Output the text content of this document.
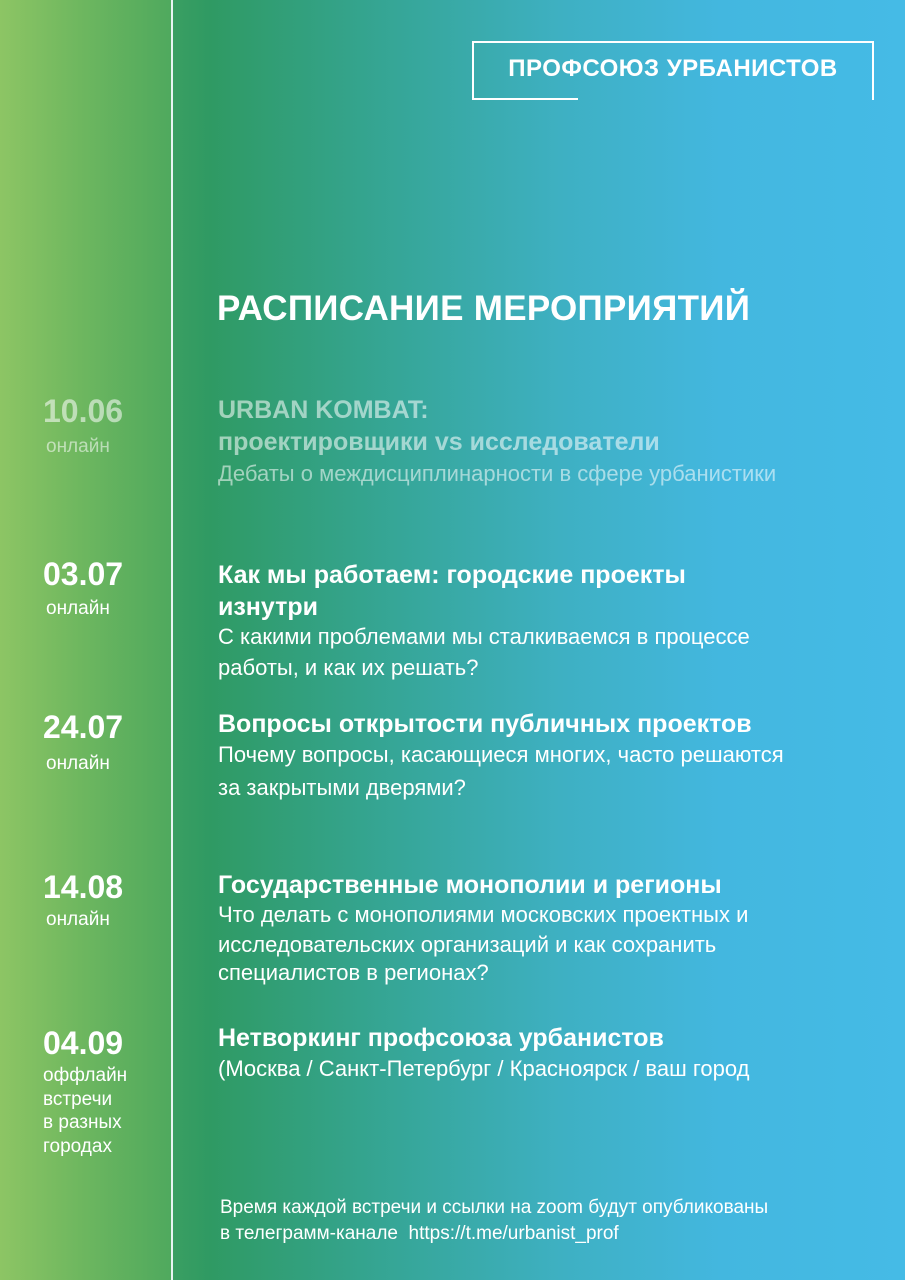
ПРОФСОЮЗ УРБАНИСТОВ
РАСПИСАНИЕ МЕРОПРИЯТИЙ
10.06
онлайн
URBAN KOMBAT:
проектировщики vs исследователи
Дебаты о междисциплинарности в сфере урбанистики
03.07
онлайн
Как мы работаем: городские проекты
изнутри
С какими проблемами мы сталкиваемся в процессе
работы, и как их решать?
24.07
онлайн
Вопросы открытости публичных проектов
Почему вопросы, касающиеся многих, часто решаются
за закрытыми дверями?
14.08
онлайн
Государственные монополии и регионы
Что делать с монополиями московских проектных и
исследовательских организаций и как сохранить
специалистов в регионах?
04.09
оффлайн
встречи
в разных
городах
Нетворкинг профсоюза урбанистов
(Москва / Санкт-Петербург / Красноярск / ваш город
Время каждой встречи и ссылки на zoom будут опубликованы
в телеграмм-канале https://t.me/urbanist_prof
